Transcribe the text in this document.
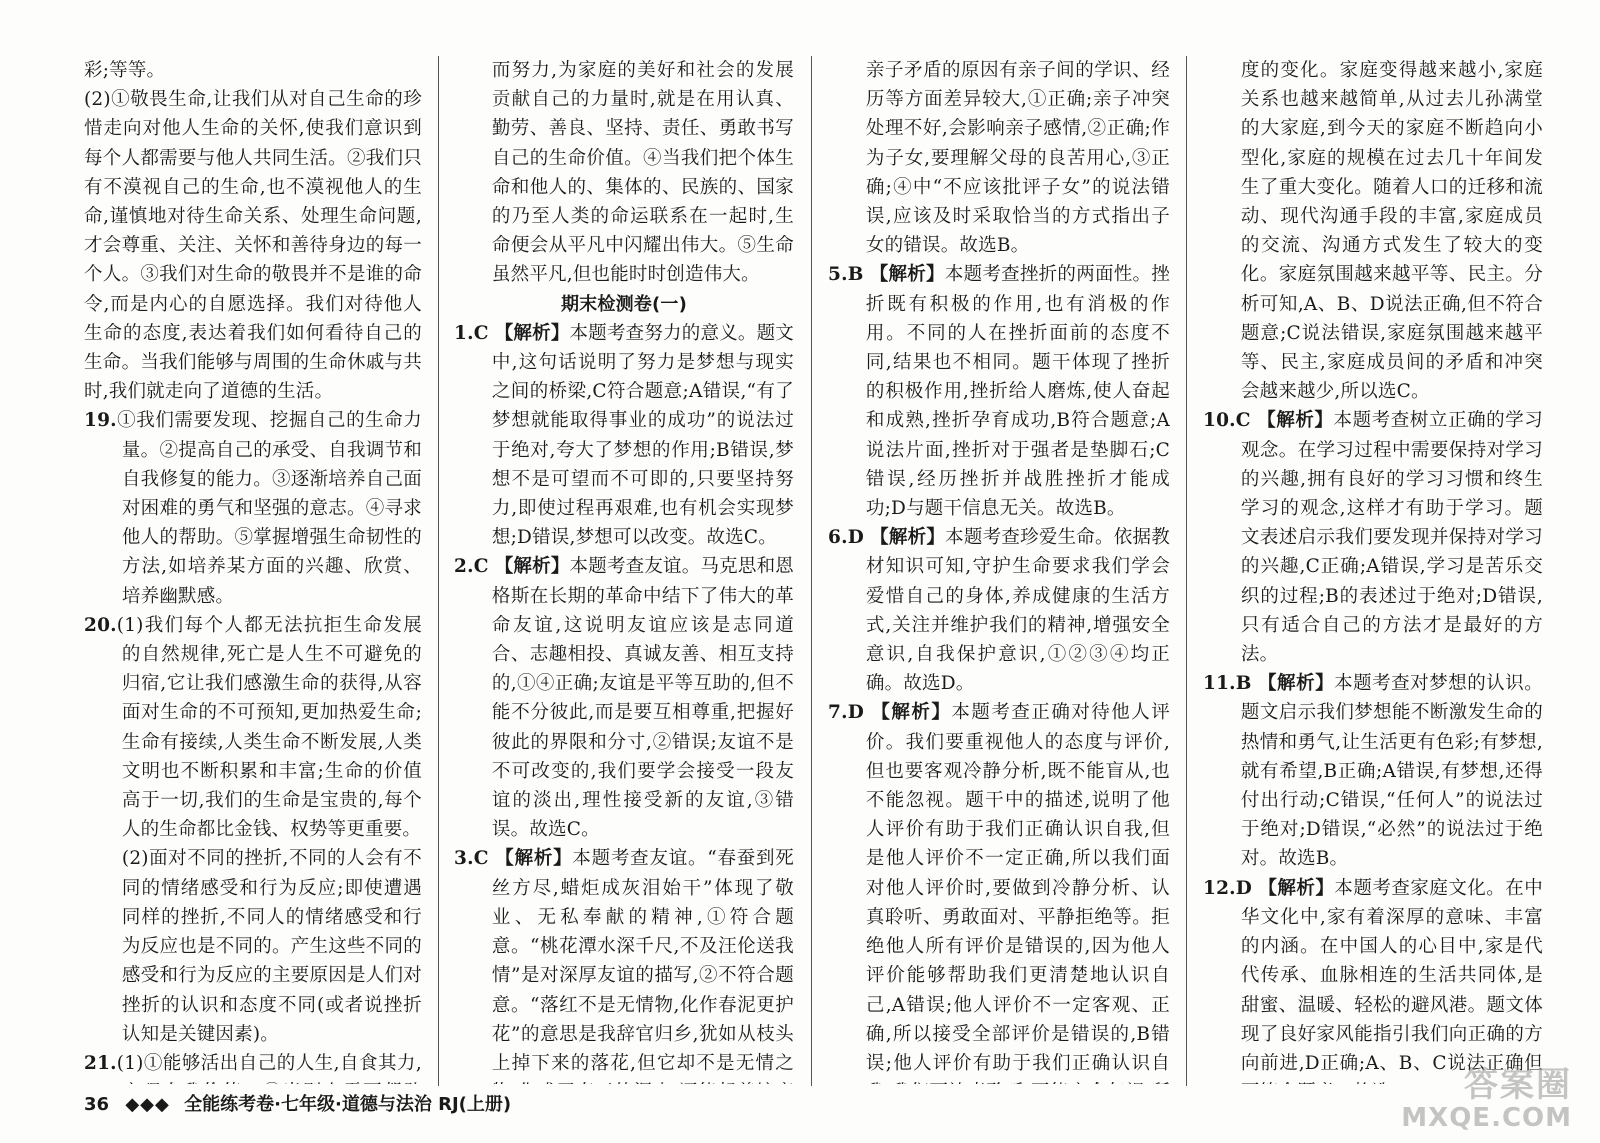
彩;等等。

(2)①敬畏生命,让我们从对自己生命的珍惜走向对他人生命的关怀,使我们意识到每个人都需要与他人共同生活。②我们只有不漠视自己的生命,也不漠视他人的生命,谨慎地对待生命关系、处理生命问题,才会尊重、关注、关怀和善待身边的每一个人。③我们对生命的敬畏并不是谁的命令,而是内心的自愿选择。我们对待他人生命的态度,表达着我们如何看待自己的生命。当我们能够与周围的生命休戚与共时,我们就走向了道德的生活。

19.①我们需要发现、挖掘自己的生命力量。②提高自己的承受、自我调节和自我修复的能力。③逐渐培养自己面对困难的勇气和坚强的意志。④寻求他人的帮助。⑤掌握增强生命韧性的方法,如培养某方面的兴趣、欣赏、培养幽默感。

20.(1)我们每个人都无法抗拒生命发展的自然规律,死亡是人生不可避免的归宿,它让我们感激生命的获得,从容面对生命的不可预知,更加热爱生命;生命有接续,人类生命不断发展,人类文明也不断积累和丰富;生命的价值高于一切,我们的生命是宝贵的,每个人的生命都比金钱、权势等更重要。

(2)面对不同的挫折,不同的人会有不同的情绪感受和行为反应;即使遭遇同样的挫折,不同人的情绪感受和行为反应也是不同的。产生这些不同的感受和行为反应的主要原因是人们对挫折的认识和态度不同(或者说挫折认知是关键因素)。

21.(1)①能够活出自己的人生,自食其力,

而努力,为家庭的美好和社会的发展贡献自己的力量时,就是在用认真、勤劳、善良、坚持、责任、勇敢书写自己的生命价值。④当我们把个体生命和他人的、集体的、民族的、国家的乃至人类的命运联系在一起时,生命便会从平凡中闪耀出伟大。⑤生命虽然平凡,但也能时时创造伟大。

期末检测卷(一)

1.C 【解析】本题考查努力的意义。题文中,这句话说明了努力是梦想与现实之间的桥梁,C符合题意;A错误,“有了梦想就能取得事业的成功”的说法过于绝对,夸大了梦想的作用;B错误,梦想不是可望而不可即的,只要坚持努力,即使过程再艰难,也有机会实现梦想;D错误,梦想可以改变。故选C。

2.C 【解析】本题考查友谊。马克思和恩格斯在长期的革命中结下了伟大的革命友谊,这说明友谊应该是志同道合、志趣相投、真诚友善、相互支持的,①④正确;友谊是平等互助的,但不能不分彼此,而是要互相尊重,把握好彼此的界限和分寸,②错误;友谊不是不可改变的,我们要学会接受一段友谊的淡出,理性接受新的友谊,③错误。故选C。

3.C 【解析】本题考查友谊。“春蚕到死丝方尽,蜡炬成灰泪始干”体现了敬业、无私奉献的精神,①符合题意。“桃花潭水深千尺,不及汪伦送我情”是对深厚友谊的描写,②不符合题意。“落红不是无情物,化作春泥更护花”的意思是我辞官归乡,犹如从枝头上掉下来的落花,但它却不是无情之

亲子矛盾的原因有亲子间的学识、经历等方面差异较大,①正确;亲子冲突处理不好,会影响亲子感情,②正确;作为子女,要理解父母的良苦用心,③正确;④中“不应该批评子女”的说法错误,应该及时采取恰当的方式指出子女的错误。故选B。

5.B 【解析】本题考查挫折的两面性。挫折既有积极的作用,也有消极的作用。不同的人在挫折面前的态度不同,结果也不相同。题干体现了挫折的积极作用,挫折给人磨炼,使人奋起和成熟,挫折孕育成功,B符合题意;A说法片面,挫折对于强者是垫脚石;C错误,经历挫折并战胜挫折才能成功;D与题干信息无关。故选B。

6.D 【解析】本题考查珍爱生命。依据教材知识可知,守护生命要求我们学会爱惜自己的身体,养成健康的生活方式,关注并维护我们的精神,增强安全意识,自我保护意识,①②③④均正确。故选D。

7.D 【解析】本题考查正确对待他人评价。我们要重视他人的态度与评价,但也要客观冷静分析,既不能盲从,也不能忽视。题干中的描述,说明了他人评价有助于我们正确认识自我,但是他人评价不一定正确,所以我们面对他人评价时,要做到冷静分析、认真聆听、勇敢面对、平静拒绝等。拒绝他人所有评价是错误的,因为他人评价能够帮助我们更清楚地认识自己,A错误;他人评价不一定客观、正确,所以接受全部评价是错误的,B错误;他人评价有助于我们正确认识自

度的变化。家庭变得越来越小,家庭关系也越来越简单,从过去儿孙满堂的大家庭,到今天的家庭不断趋向小型化,家庭的规模在过去几十年间发生了重大变化。随着人口的迁移和流动、现代沟通手段的丰富,家庭成员的交流、沟通方式发生了较大的变化。家庭氛围越来越平等、民主。分析可知,A、B、D说法正确,但不符合题意;C说法错误,家庭氛围越来越平等、民主,家庭成员间的矛盾和冲突会越来越少,所以选C。

10.C 【解析】本题考查树立正确的学习观念。在学习过程中需要保持对学习的兴趣,拥有良好的学习习惯和终生学习的观念,这样才有助于学习。题文表述启示我们要发现并保持对学习的兴趣,C正确;A错误,学习是苦乐交织的过程;B的表述过于绝对;D错误,只有适合自己的方法才是最好的方法。

11.B 【解析】本题考查对梦想的认识。题文启示我们梦想能不断激发生命的热情和勇气,让生活更有色彩;有梦想,就有希望,B正确;A错误,有梦想,还得付出行动;C错误,“任何人”的说法过于绝对;D错误,“必然”的说法过于绝对。故选B。

12.D 【解析】本题考查家庭文化。在中华文化中,家有着深厚的意味、丰富的内涵。在中国人的心目中,家是代代传承、血脉相连的生活共同体,是甜蜜、温暖、轻松的避风港。题文体现了良好家风能指引我们向正确的方向前进,D正确;A、B、C说法正确但

36 ◆◆◆ 全能练考卷·七年级·道德与法治 RJ(上册)	答案圈
MXQE.COM
